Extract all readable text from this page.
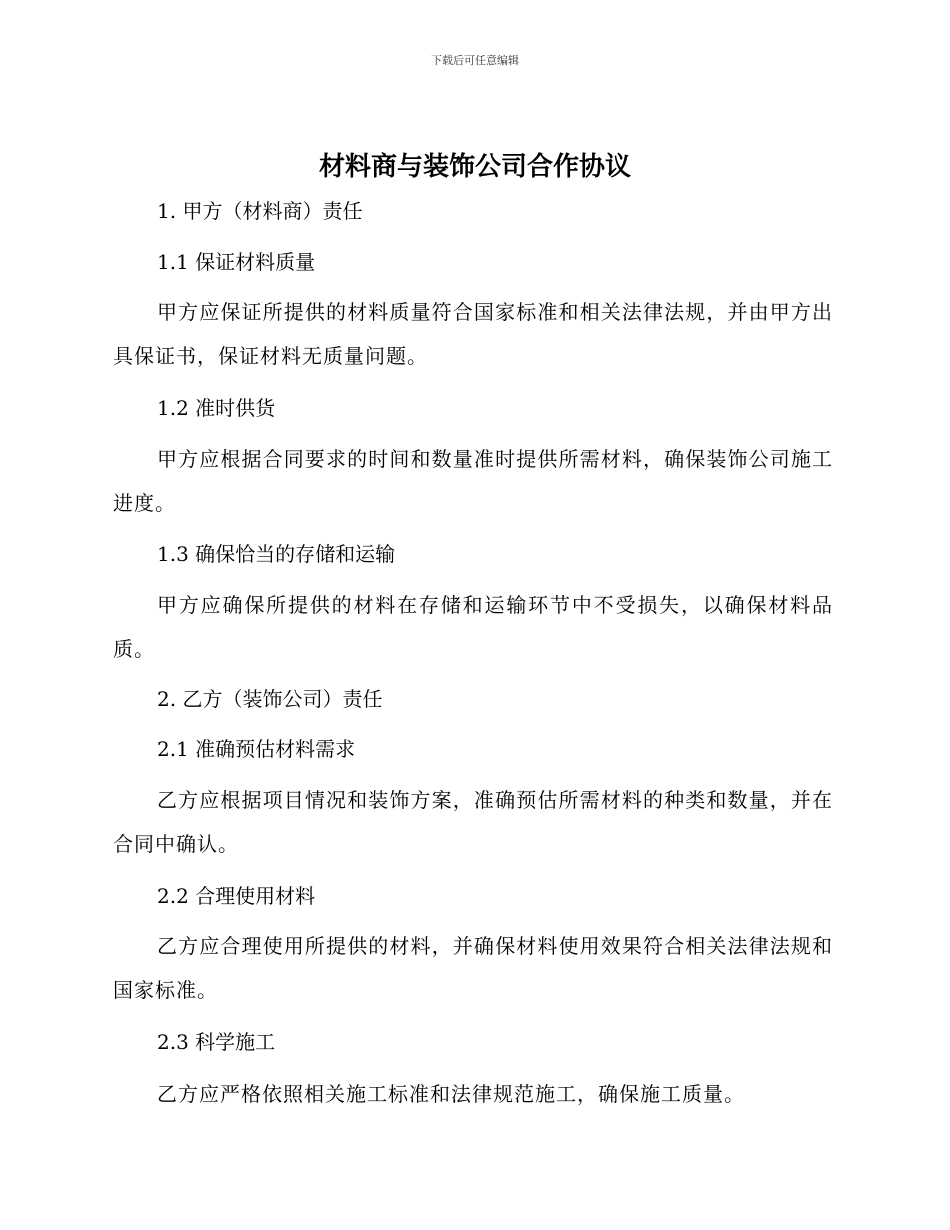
下载后可任意编辑
材料商与装饰公司合作协议
1. 甲方（材料商）责任
1.1 保证材料质量

甲方应保证所提供的材料质量符合国家标准和相关法律法规，并由甲方出具保证书，保证材料无质量问题。

1.2 准时供货

甲方应根据合同要求的时间和数量准时提供所需材料，确保装饰公司施工进度。

1.3 确保恰当的存储和运输

甲方应确保所提供的材料在存储和运输环节中不受损失，以确保材料品质。

2. 乙方（装饰公司）责任
2.1 准确预估材料需求

乙方应根据项目情况和装饰方案，准确预估所需材料的种类和数量，并在合同中确认。

2.2 合理使用材料

乙方应合理使用所提供的材料，并确保材料使用效果符合相关法律法规和国家标准。

2.3 科学施工

乙方应严格依照相关施工标准和法律规范施工，确保施工质量。
